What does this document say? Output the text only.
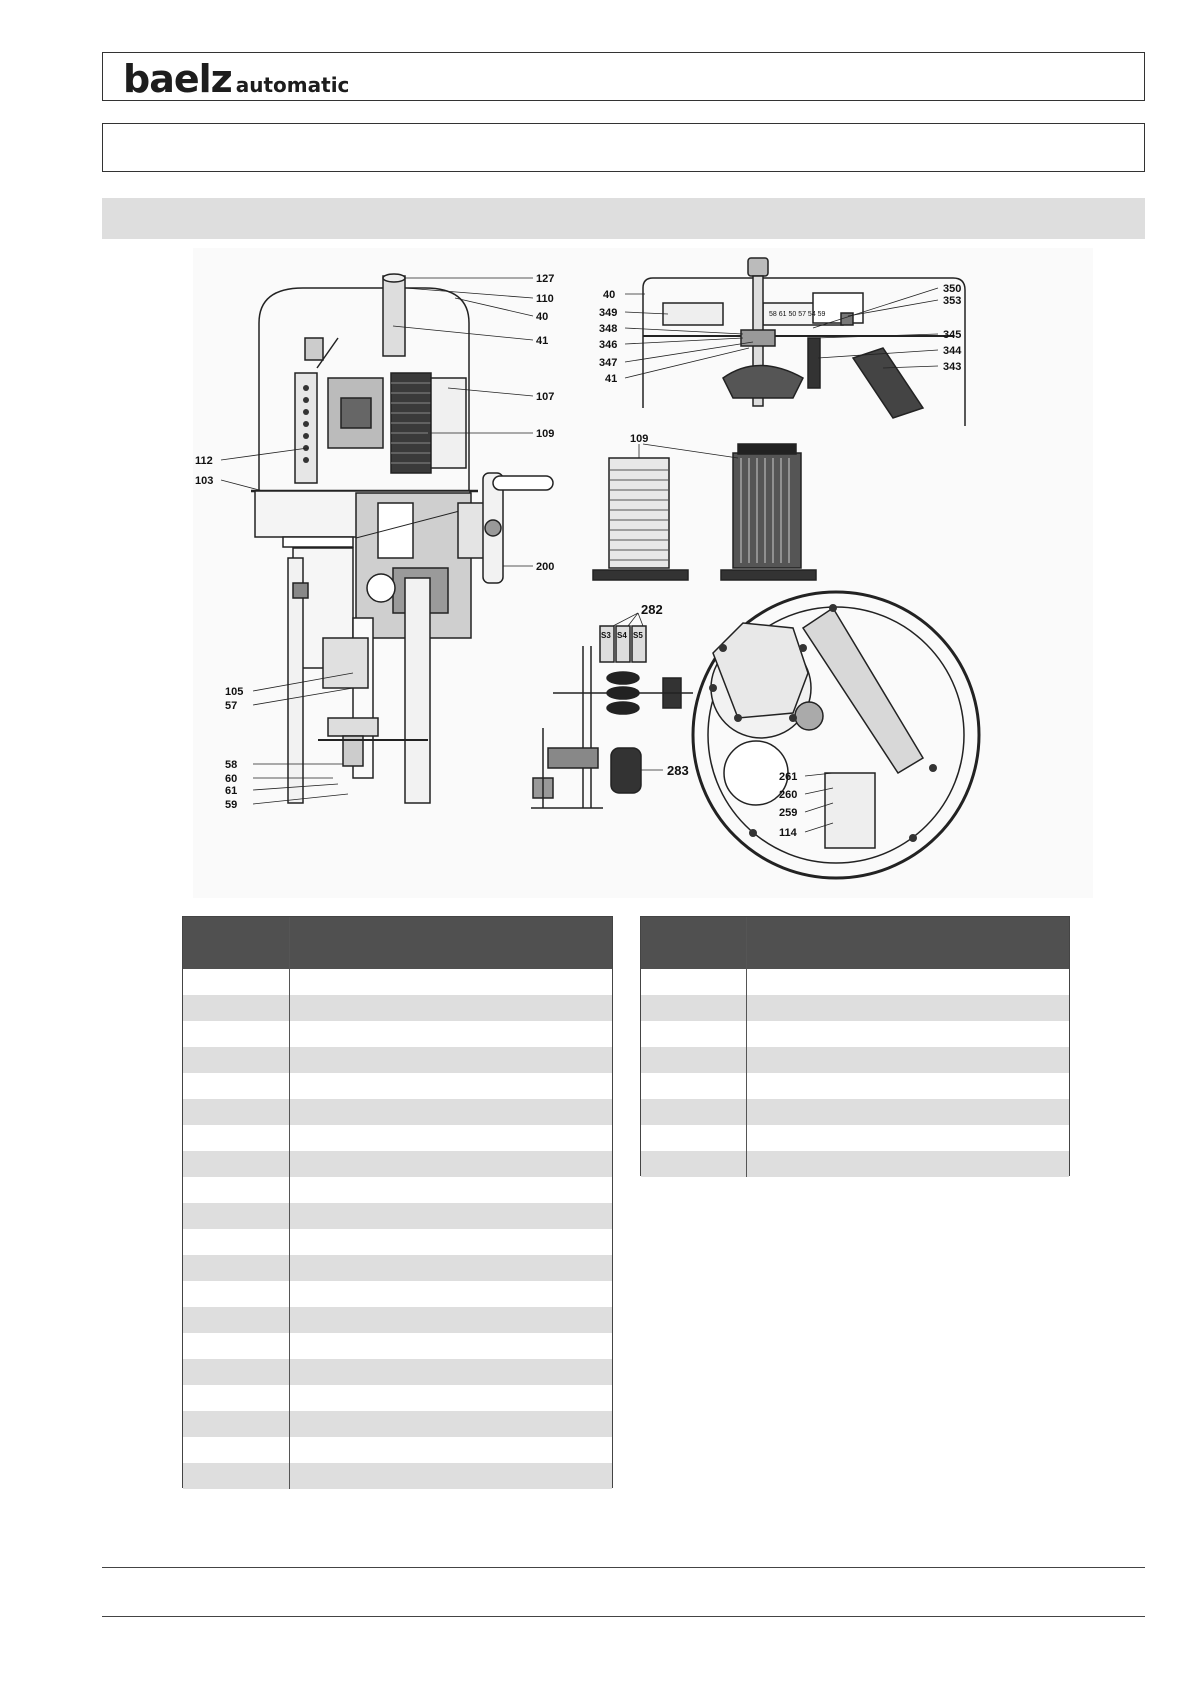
baelz automatic
127
110
40
41
107
109
112
103
200
105
57
58
60
61
59
58 61 50 57 54 59
40
349
348
346
347
41
350
353
345
344
343
109
S3 S4 S5
282
283	261
260
259
114
